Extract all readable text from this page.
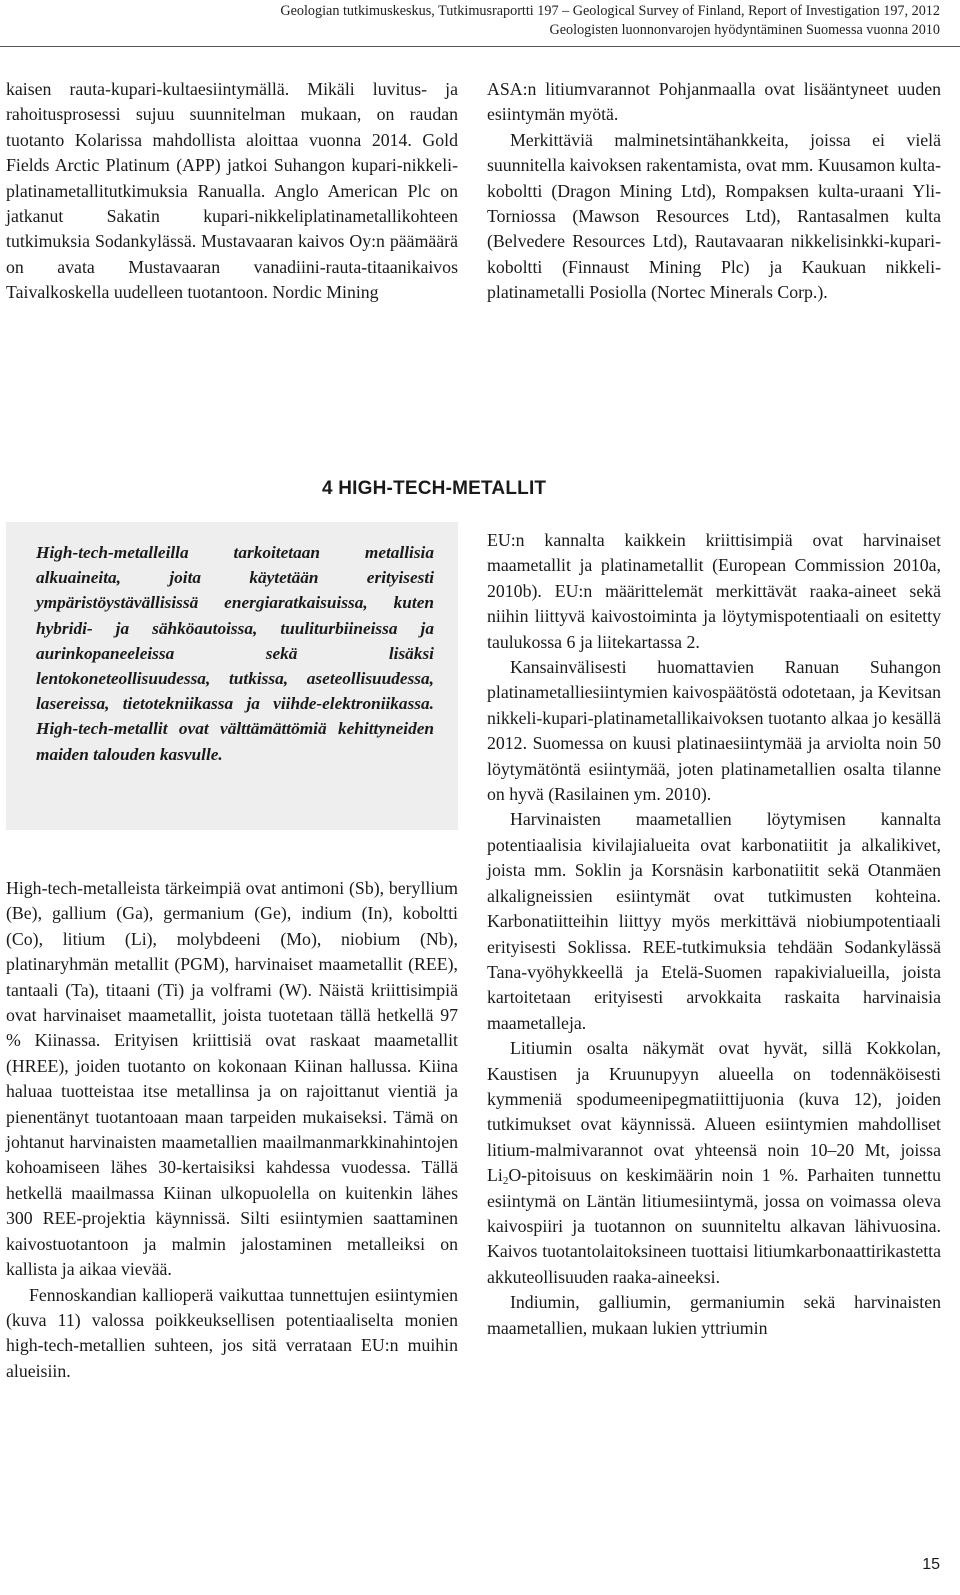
Geologian tutkimuskeskus, Tutkimusraportti 197 – Geological Survey of Finland, Report of Investigation 197, 2012
Geologisten luonnonvarojen hyödyntäminen Suomessa vuonna 2010

kaisen rauta-kupari-kultaesiintymällä. Mikäli luvitus- ja rahoitusprosessi sujuu suunnitelman mukaan, on raudan tuotanto Kolarissa mahdollista aloittaa vuonna 2014. Gold Fields Arctic Platinum (APP) jatkoi Suhangon kupari-nikkeli-platinametallitutkimuksia Ranualla. Anglo American Plc on jatkanut Sakatin kupari-nikkeliplatinametallikohteen tutkimuksia Sodankylässä. Mustavaaran kaivos Oy:n päämäärä on avata Mustavaaran vanadiini-rauta-titaanikaivos Taivalkoskella uudelleen tuotantoon. Nordic Mining

ASA:n litiumvarannot Pohjanmaalla ovat lisääntyneet uuden esiintymän myötä.

Merkittäviä malminetsintähankkeita, joissa ei vielä suunnitella kaivoksen rakentamista, ovat mm. Kuusamon kulta-koboltti (Dragon Mining Ltd), Rompaksen kulta-uraani Yli-Torniossa (Mawson Resources Ltd), Rantasalmen kulta (Belvedere Resources Ltd), Rautavaaran nikkelisinkki-kupari-koboltti (Finnaust Mining Plc) ja Kaukuan nikkeli-platinametalli Posiolla (Nortec Minerals Corp.).

4 HIGH-TECH-METALLIT
High-tech-metalleilla tarkoitetaan metallisia alkuaineita, joita käytetään erityisesti ympäristöystävällisissä energiaratkaisuissa, kuten hybridi- ja sähköautoissa, tuuliturbiineissa ja aurinkopaneeleissa sekä lisäksi lentokoneteollisuudessa, tutkissa, aseteollisuudessa, lasereissa, tietotekniikassa ja viihde-elektroniikassa. High-tech-metallit ovat välttämättömiä kehittyneiden maiden talouden kasvulle.

High-tech-metalleista tärkeimpiä ovat antimoni (Sb), beryllium (Be), gallium (Ga), germanium (Ge), indium (In), koboltti (Co), litium (Li), molybdeeni (Mo), niobium (Nb), platinaryhmän metallit (PGM), harvinaiset maametallit (REE), tantaali (Ta), titaani (Ti) ja volframi (W). Näistä kriittisimpiä ovat harvinaiset maametallit, joista tuotetaan tällä hetkellä 97 % Kiinassa. Erityisen kriittisiä ovat raskaat maametallit (HREE), joiden tuotanto on kokonaan Kiinan hallussa. Kiina haluaa tuotteistaa itse metallinsa ja on rajoittanut vientiä ja pienentänyt tuotantoaan maan tarpeiden mukaiseksi. Tämä on johtanut harvinaisten maametallien maailmanmarkkinahintojen kohoamiseen lähes 30-kertaisiksi kahdessa vuodessa. Tällä hetkellä maailmassa Kiinan ulkopuolella on kuitenkin lähes 300 REE-projektia käynnissä. Silti esiintymien saattaminen kaivostuotantoon ja malmin jalostaminen metalleiksi on kallista ja aikaa vievää.

Fennoskandian kallioperä vaikuttaa tunnettujen esiintymien (kuva 11) valossa poikkeuksellisen potentiaaliselta monien high-tech-metallien suhteen, jos sitä verrataan EU:n muihin alueisiin.

EU:n kannalta kaikkein kriittisimpiä ovat harvinaiset maametallit ja platinametallit (European Commission 2010a, 2010b). EU:n määrittelemät merkittävät raaka-aineet sekä niihin liittyvä kaivostoiminta ja löytymispotentiaali on esitetty taulukossa 6 ja liitekartassa 2.

Kansainvälisesti huomattavien Ranuan Suhangon platinametalliesiintymien kaivospäätöstä odotetaan, ja Kevitsan nikkeli-kupari-platinametallikaivoksen tuotanto alkaa jo kesällä 2012. Suomessa on kuusi platinaesiintymää ja arviolta noin 50 löytymätöntä esiintymää, joten platinametallien osalta tilanne on hyvä (Rasilainen ym. 2010).

Harvinaisten maametallien löytymisen kannalta potentiaalisia kivilajialueita ovat karbonatiitit ja alkalikivet, joista mm. Soklin ja Korsnäsin karbonatiitit sekä Otanmäen alkaligneissien esiintymät ovat tutkimusten kohteina. Karbonatiitteihin liittyy myös merkittävä niobiumpotentiaali erityisesti Soklissa. REE-tutkimuksia tehdään Sodankylässä Tana-vyöhykkeellä ja Etelä-Suomen rapakivialueilla, joista kartoitetaan erityisesti arvokkaita raskaita harvinaisia maametalleja.

Litiumin osalta näkymät ovat hyvät, sillä Kokkolan, Kaustisen ja Kruunupyyn alueella on todennäköisesti kymmeniä spodumeenipegmatiittijuonia (kuva 12), joiden tutkimukset ovat käynnissä. Alueen esiintymien mahdolliset litium-malmivarannot ovat yhteensä noin 10–20 Mt, joissa $Li_2O$-pitoisuus on keskimäärin noin 1 %. Parhaiten tunnettu esiintymä on Läntän litiumesiintymä, jossa on voimassa oleva kaivospiiri ja tuotannon on suunniteltu alkavan lähivuosina. Kaivos tuotantolaitoksineen tuottaisi litiumkarbonaattirikastetta akkuteollisuuden raaka-aineeksi.

Indiumin, galliumin, germaniumin sekä harvinaisten maametallien, mukaan lukien yttriumin

15
